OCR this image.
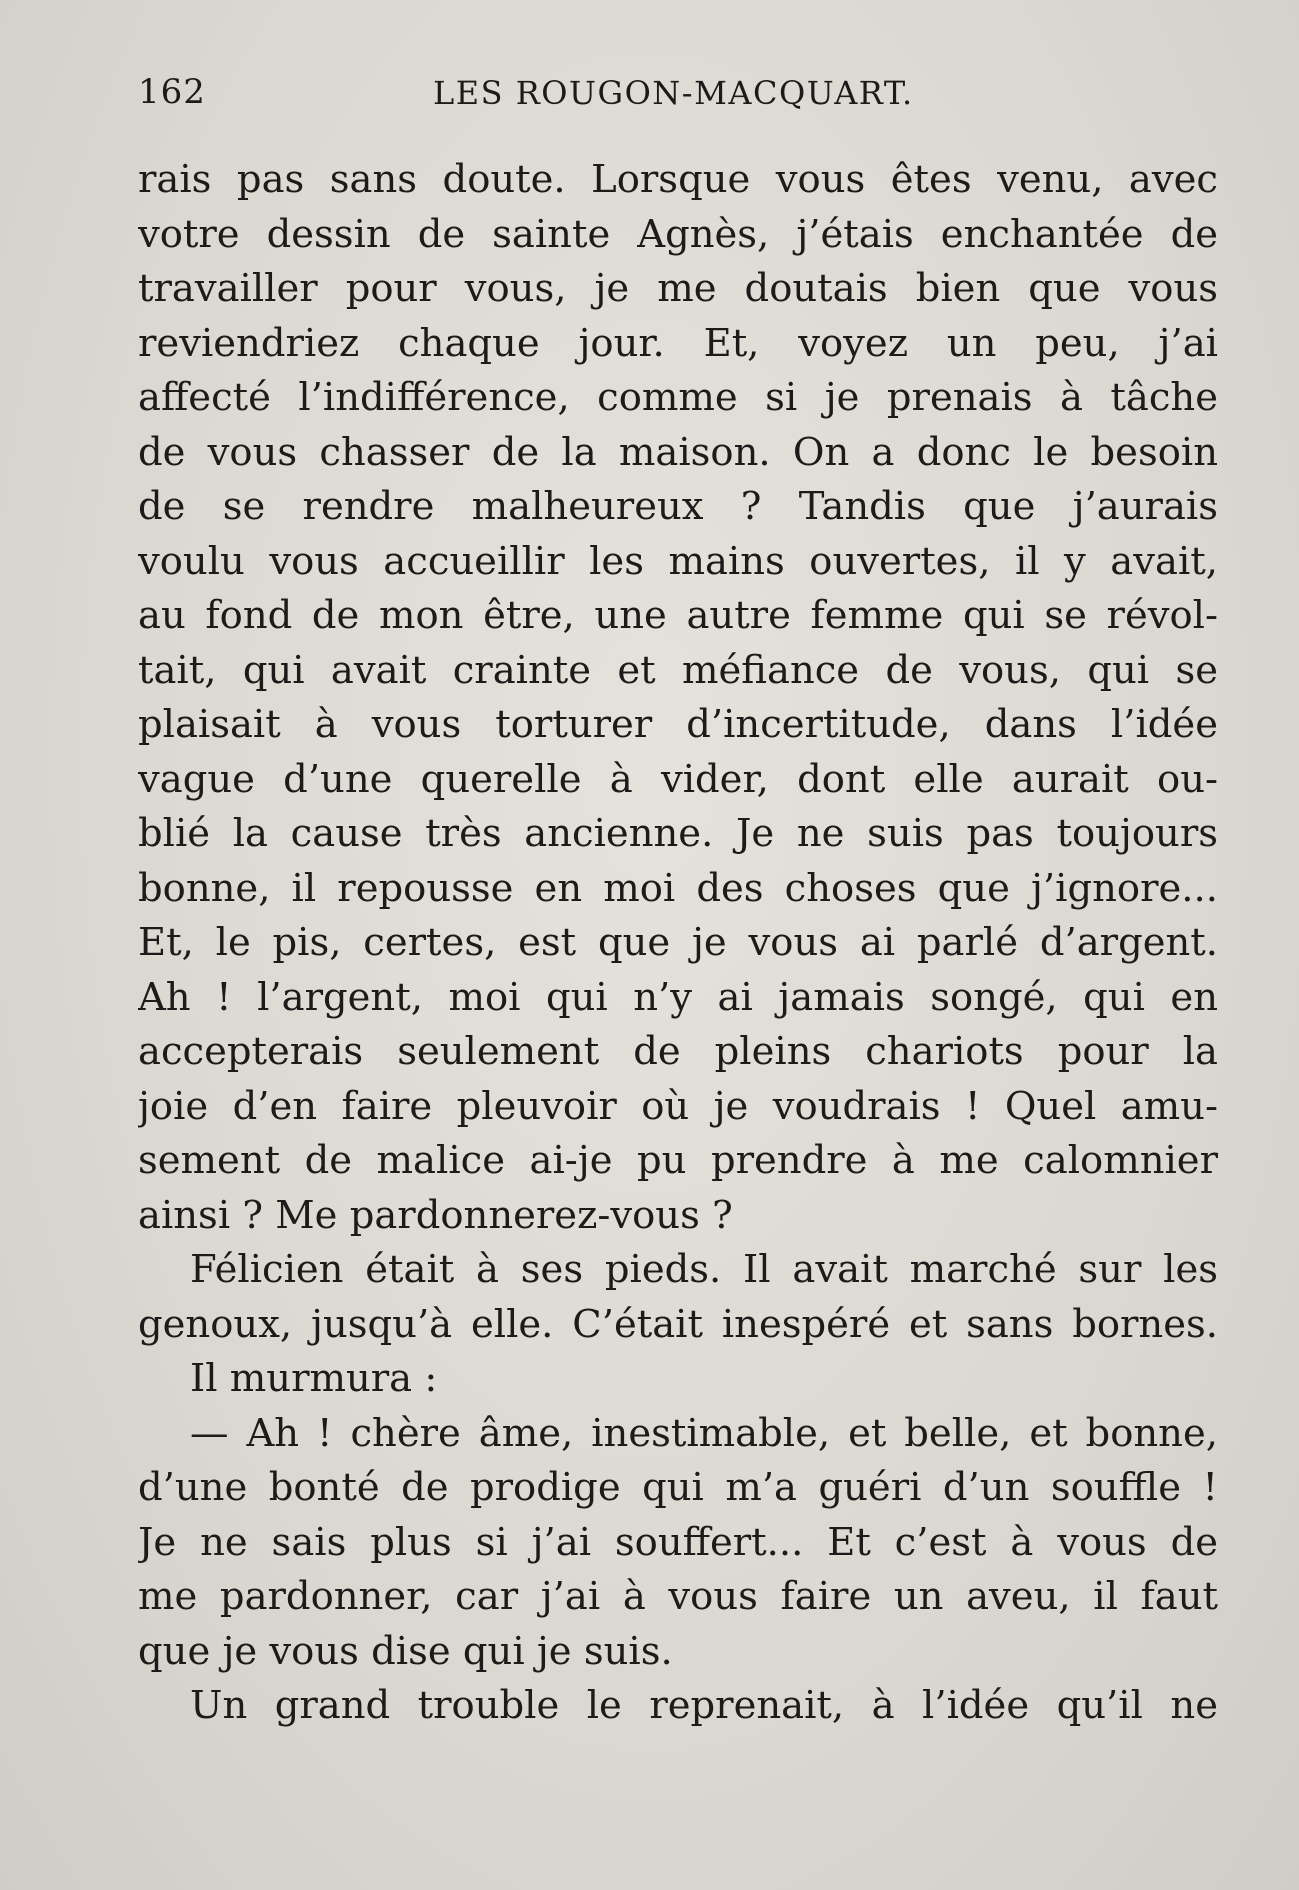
162	LES ROUGON-MACQUART.
rais pas sans doute. Lorsque vous êtes venu, avec
votre dessin de sainte Agnès, j’étais enchantée de
travailler pour vous, je me doutais bien que vous
reviendriez chaque jour. Et, voyez un peu, j’ai
affecté l’indifférence, comme si je prenais à tâche
de vous chasser de la maison. On a donc le besoin
de se rendre malheureux ? Tandis que j’aurais
voulu vous accueillir les mains ouvertes, il y avait,
au fond de mon être, une autre femme qui se révol-
tait, qui avait crainte et méfiance de vous, qui se
plaisait à vous torturer d’incertitude, dans l’idée
vague d’une querelle à vider, dont elle aurait ou-
blié la cause très ancienne. Je ne suis pas toujours
bonne, il repousse en moi des choses que j’ignore...
Et, le pis, certes, est que je vous ai parlé d’argent.
Ah ! l’argent, moi qui n’y ai jamais songé, qui en
accepterais seulement de pleins chariots pour la
joie d’en faire pleuvoir où je voudrais ! Quel amu-
sement de malice ai-je pu prendre à me calomnier
ainsi ? Me pardonnerez-vous ?
Félicien était à ses pieds. Il avait marché sur les
genoux, jusqu’à elle. C’était inespéré et sans bornes.
Il murmura :
— Ah ! chère âme, inestimable, et belle, et bonne,
d’une bonté de prodige qui m’a guéri d’un souffle !
Je ne sais plus si j’ai souffert... Et c’est à vous de
me pardonner, car j’ai à vous faire un aveu, il faut
que je vous dise qui je suis.
Un grand trouble le reprenait, à l’idée qu’il ne
